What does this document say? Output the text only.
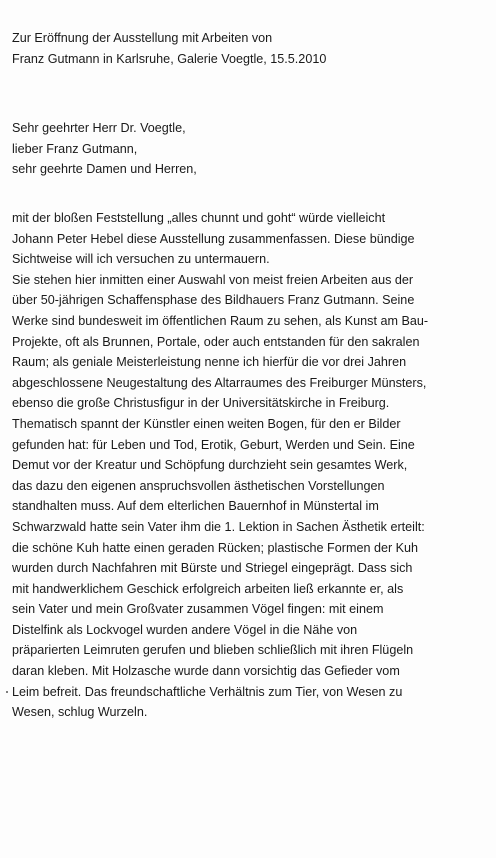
Zur Eröffnung der Ausstellung mit Arbeiten von
Franz Gutmann in Karlsruhe, Galerie Voegtle, 15.5.2010
Sehr geehrter Herr Dr. Voegtle,
lieber Franz Gutmann,
sehr geehrte Damen und Herren,
mit der bloßen Feststellung „alles chunnt und goht“ würde vielleicht
Johann Peter Hebel diese Ausstellung zusammenfassen. Diese bündige
Sichtweise will ich versuchen zu untermauern.
Sie stehen hier inmitten einer Auswahl von meist freien Arbeiten aus der
über 50-jährigen Schaffensphase des Bildhauers Franz Gutmann. Seine
Werke sind bundesweit im öffentlichen Raum zu sehen, als Kunst am Bau-
Projekte, oft als Brunnen, Portale, oder auch entstanden für den sakralen
Raum; als geniale Meisterleistung nenne ich hierfür die vor drei Jahren
abgeschlossene Neugestaltung des Altarraumes des Freiburger Münsters,
ebenso die große Christusfigur in der Universitätskirche in Freiburg.
Thematisch spannt der Künstler einen weiten Bogen, für den er Bilder
gefunden hat: für Leben und Tod, Erotik, Geburt, Werden und Sein. Eine
Demut vor der Kreatur und Schöpfung durchzieht sein gesamtes Werk,
das dazu den eigenen anspruchsvollen ästhetischen Vorstellungen
standhalten muss. Auf dem elterlichen Bauernhof in Münstertal im
Schwarzwald hatte sein Vater ihm die 1. Lektion in Sachen Ästhetik erteilt:
die schöne Kuh hatte einen geraden Rücken; plastische Formen der Kuh
wurden durch Nachfahren mit Bürste und Striegel eingeprägt. Dass sich
mit handwerklichem Geschick erfolgreich arbeiten ließ erkannte er, als
sein Vater und mein Großvater zusammen Vögel fingen: mit einem
Distelfink als Lockvogel wurden andere Vögel in die Nähe von
präparierten Leimruten gerufen und blieben schließlich mit ihren Flügeln
daran kleben. Mit Holzasche wurde dann vorsichtig das Gefieder vom
Leim befreit. Das freundschaftliche Verhältnis zum Tier, von Wesen zu
Wesen, schlug Wurzeln.
